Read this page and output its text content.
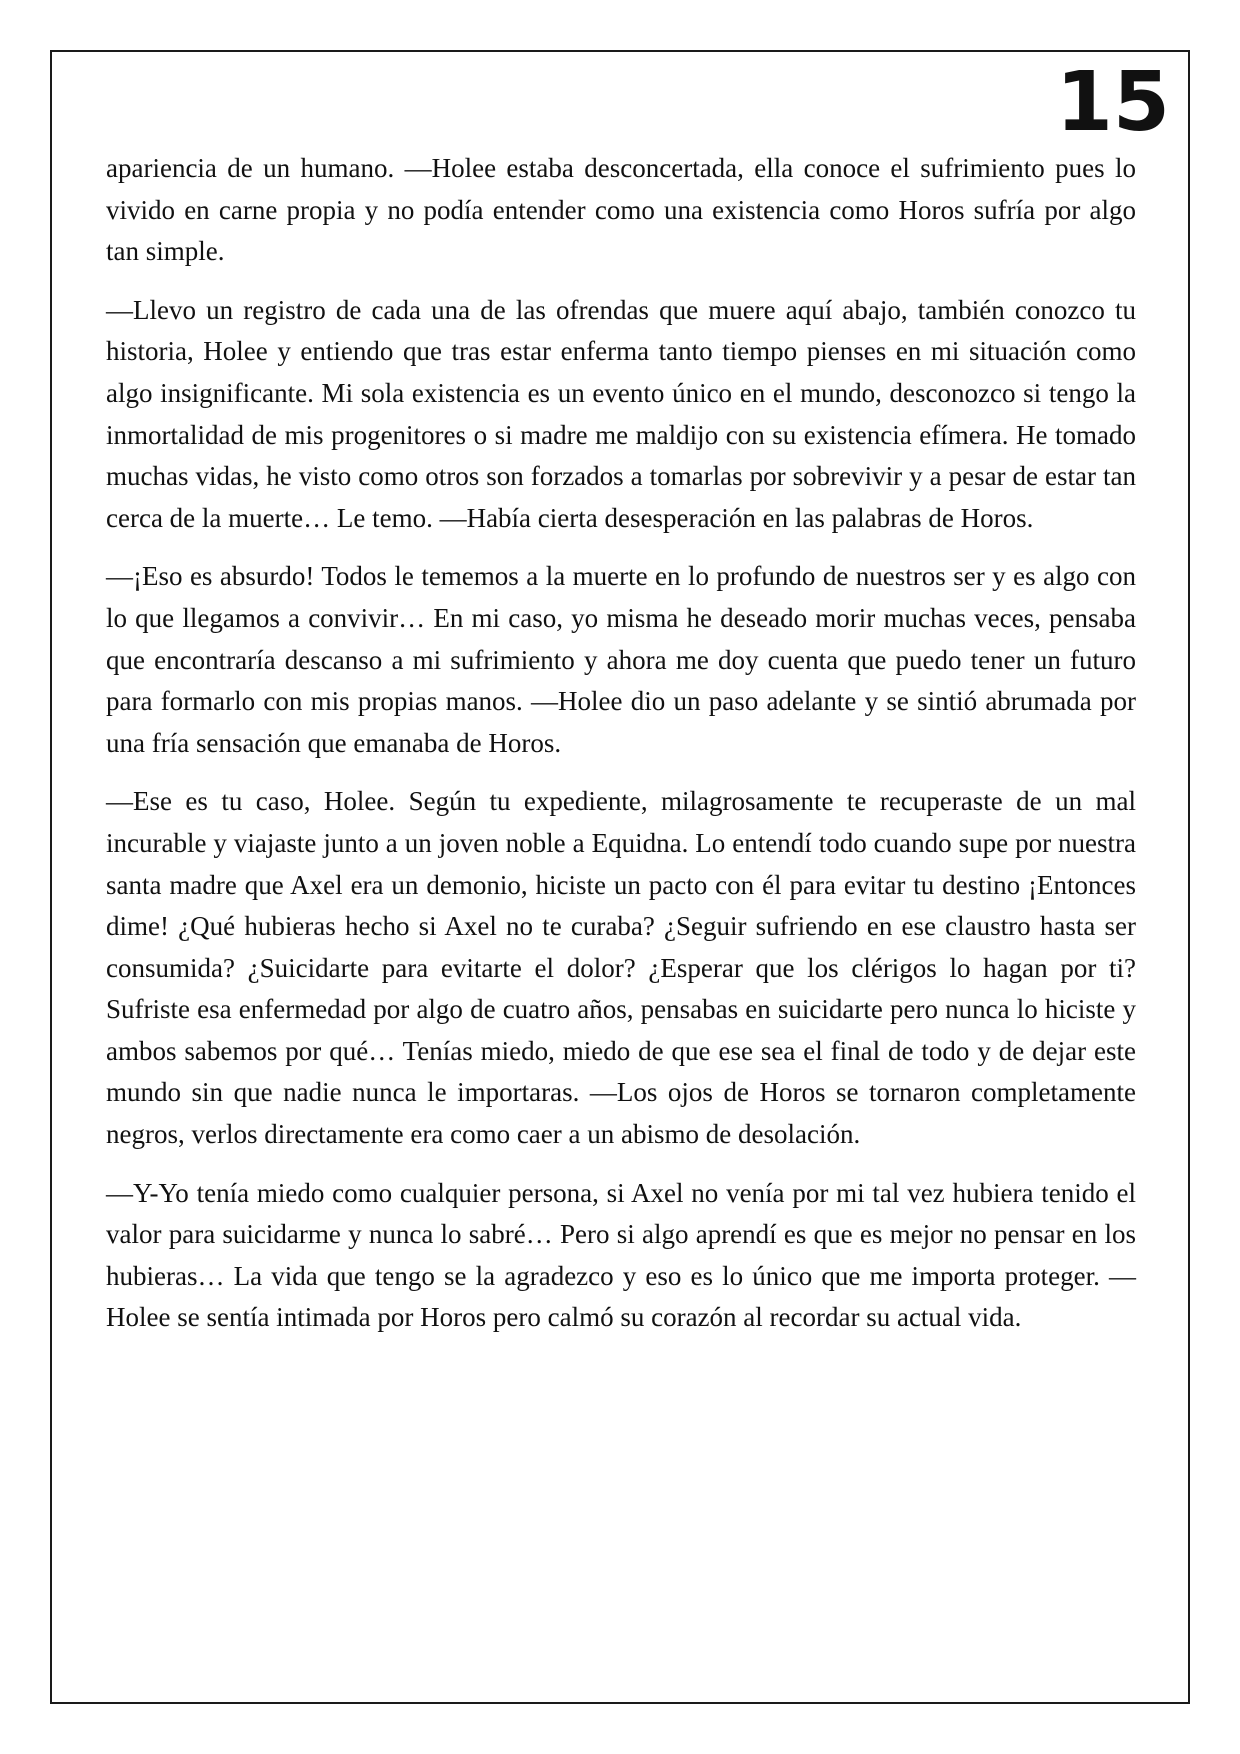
15

apariencia de un humano. —Holee estaba desconcertada, ella conoce el sufrimiento pues lo vivido en carne propia y no podía entender como una existencia como Horos sufría por algo tan simple.

—Llevo un registro de cada una de las ofrendas que muere aquí abajo, también conozco tu historia, Holee y entiendo que tras estar enferma tanto tiempo pienses en mi situación como algo insignificante. Mi sola existencia es un evento único en el mundo, desconozco si tengo la inmortalidad de mis progenitores o si madre me maldijo con su existencia efímera. He tomado muchas vidas, he visto como otros son forzados a tomarlas por sobrevivir y a pesar de estar tan cerca de la muerte… Le temo. —Había cierta desesperación en las palabras de Horos.

—¡Eso es absurdo! Todos le tememos a la muerte en lo profundo de nuestros ser y es algo con lo que llegamos a convivir… En mi caso, yo misma he deseado morir muchas veces, pensaba que encontraría descanso a mi sufrimiento y ahora me doy cuenta que puedo tener un futuro para formarlo con mis propias manos. —Holee dio un paso adelante y se sintió abrumada por una fría sensación que emanaba de Horos.

—Ese es tu caso, Holee. Según tu expediente, milagrosamente te recuperaste de un mal incurable y viajaste junto a un joven noble a Equidna. Lo entendí todo cuando supe por nuestra santa madre que Axel era un demonio, hiciste un pacto con él para evitar tu destino ¡Entonces dime! ¿Qué hubieras hecho si Axel no te curaba? ¿Seguir sufriendo en ese claustro hasta ser consumida? ¿Suicidarte para evitarte el dolor? ¿Esperar que los clérigos lo hagan por ti? Sufriste esa enfermedad por algo de cuatro años, pensabas en suicidarte pero nunca lo hiciste y ambos sabemos por qué… Tenías miedo, miedo de que ese sea el final de todo y de dejar este mundo sin que nadie nunca le importaras. —Los ojos de Horos se tornaron completamente negros, verlos directamente era como caer a un abismo de desolación.

—Y-Yo tenía miedo como cualquier persona, si Axel no venía por mi tal vez hubiera tenido el valor para suicidarme y nunca lo sabré… Pero si algo aprendí es que es mejor no pensar en los hubieras… La vida que tengo se la agradezco y eso es lo único que me importa proteger. —Holee se sentía intimada por Horos pero calmó su corazón al recordar su actual vida.
